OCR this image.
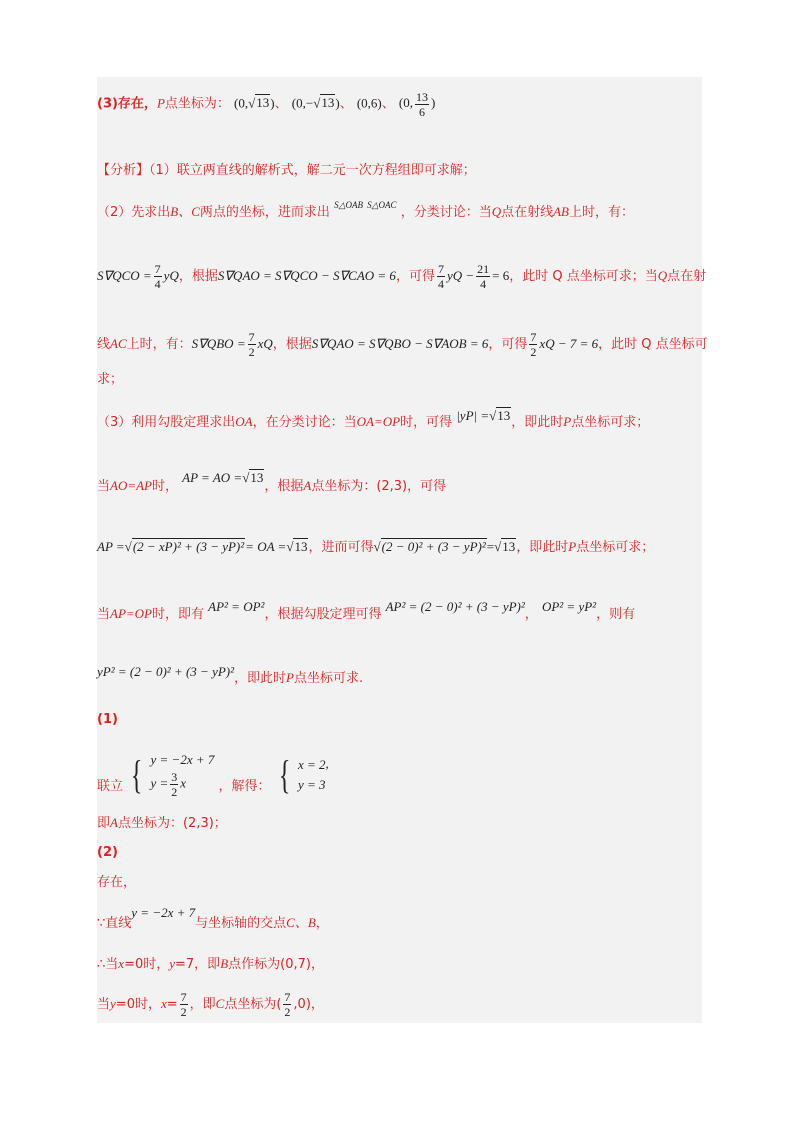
(3)存在，P点坐标为： (0,√13)、 (0,−√13)、 (0,6)、 (0, $\frac{13}{6}$ )
【分析】（1）联立两直线的解析式，解二元一次方程组即可求解；
（2）先求出B、C两点的坐标，进而求出 $^{S\triangle OAB}$ $^{S\triangle OAC}$ ，分类讨论：当Q点在射线AB上时，有：
$S\nabla QCO = \frac{7}{4}$ yQ，根据S∇QAO = S∇QCO − S∇CAO = 6，可得 $\frac{7}{4}$ yQ − $\frac{21}{4} = 6$，此时 Q 点坐标可求；当Q点在射
线AC上时，有：$S\nabla QBO = \frac{7}{2}$ xQ，根据S∇QAO = S∇QBO − S∇AOB = 6，可得 $\frac{7}{2}$ xQ − 7 = 6，此时 Q 点坐标可
求；
（3）利用勾股定理求出OA，在分类讨论：当OA=OP时，可得 |yP| =√13，即此时P点坐标可求；
当AO=AP时， AP = AO =√13，根据A点坐标为：(2,3)，可得
AP =√(2 − xP)² + (3 − yP)²= OA =√13，进而可得√(2 − 0)² + (3 − yP)²=√13，即此时P点坐标可求；
当AP=OP时，即有 AP² = OP²，根据勾股定理可得 AP² = (2 − 0)² + (3 − yP)²， OP² = yP²，则有
yP² = (2 − 0)² + (3 − yP)²，即此时P点坐标可求.
(1)
联立 { y = −2x + 7
$y = \frac{3}{2}$ x	，解得： { x = 2
y = 3
,
即A点坐标为：(2,3)；
(2)
存在，
∵直线y = −2x + 7与坐标轴的交点C、B，
∴当x=0时，y=7，即B点作标为(0,7)，
当y=0时，$x= \frac{7}{2}$ ，即C点坐标为( $\frac{7}{2} ,0$)，
